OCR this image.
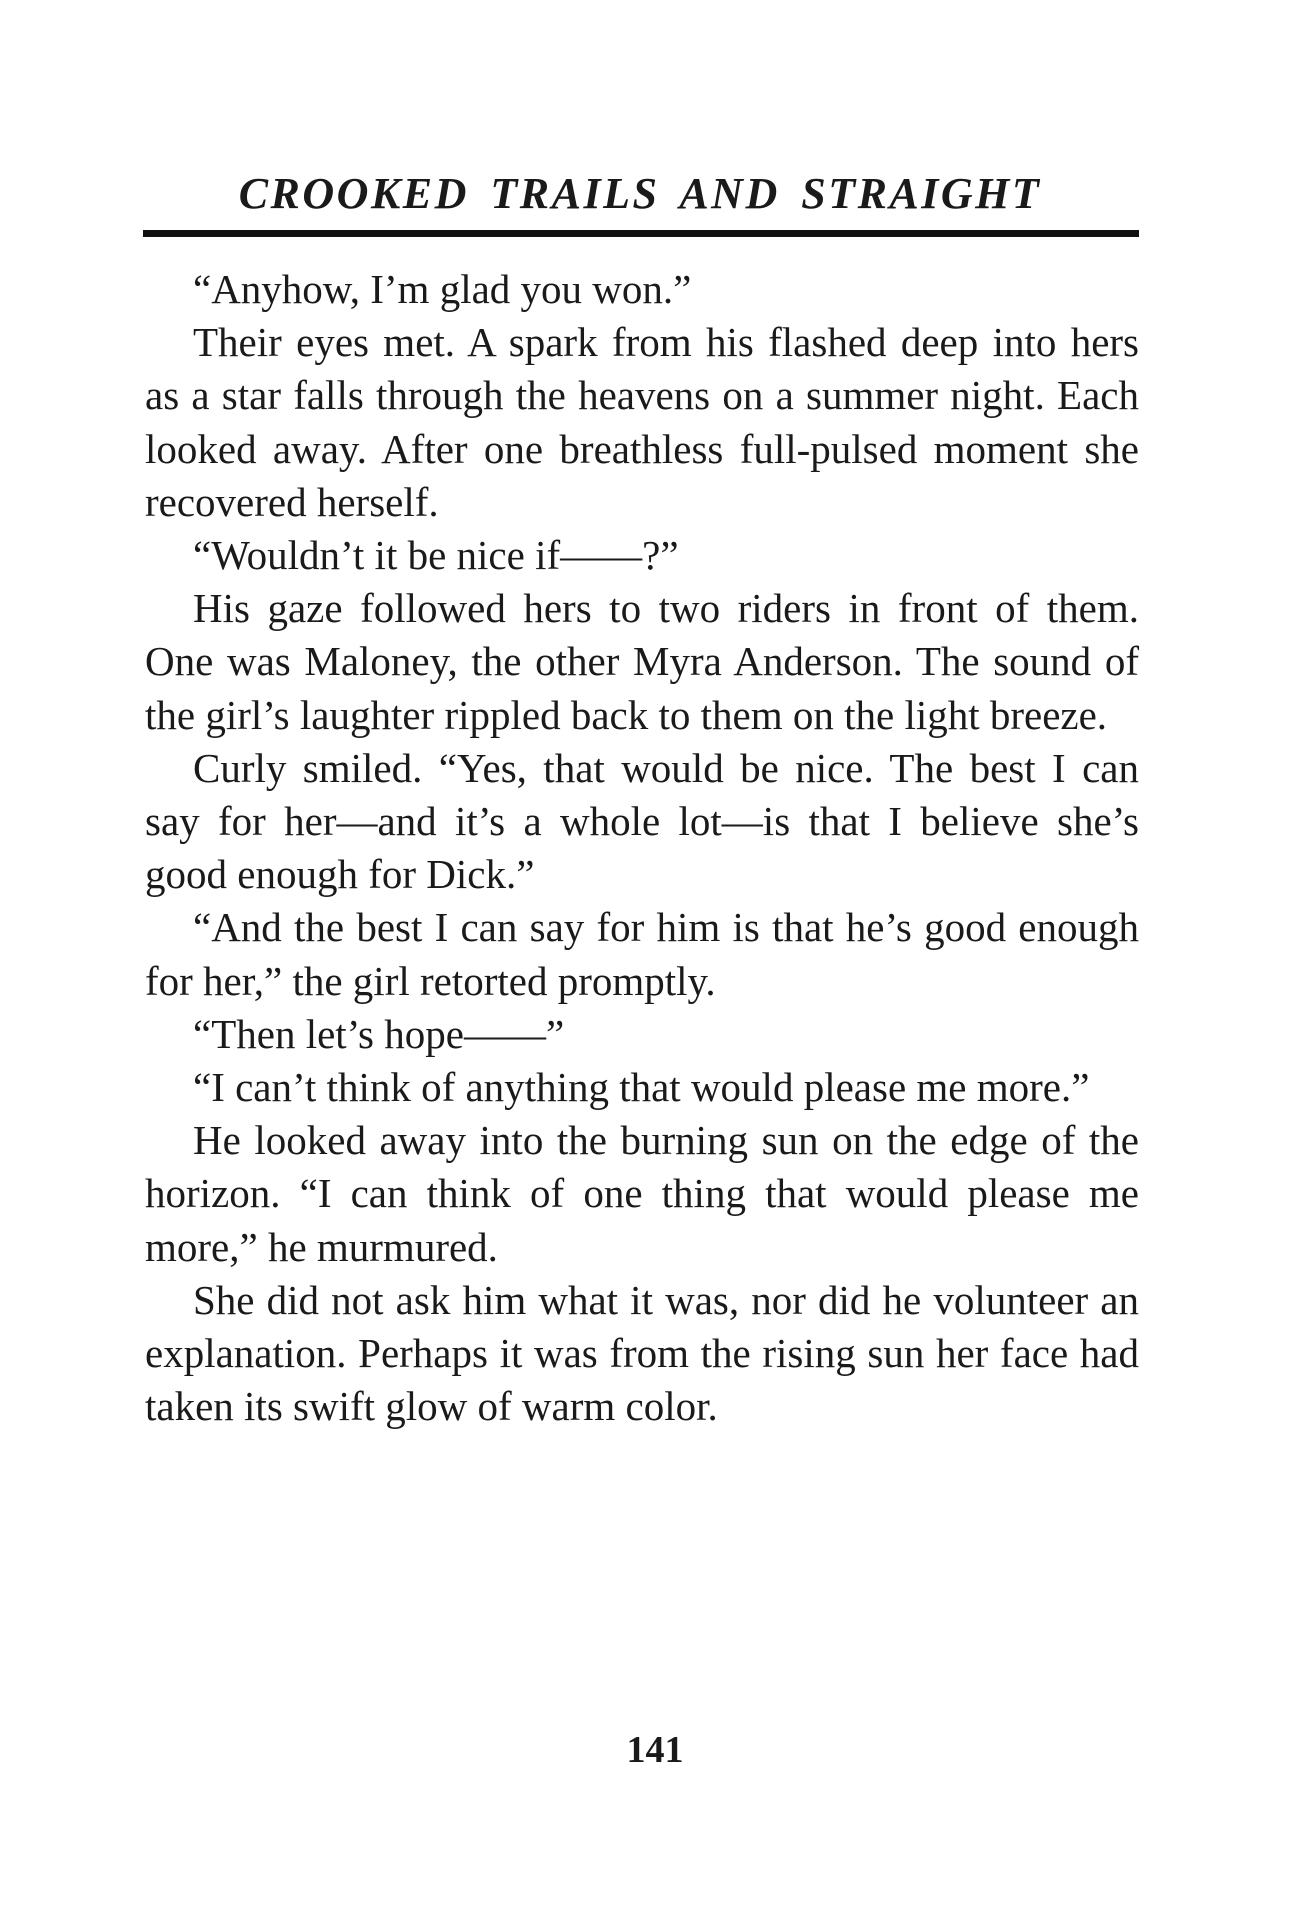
CROOKED TRAILS AND STRAIGHT

“Anyhow, I’m glad you won.”

Their eyes met. A spark from his flashed deep into hers as a star falls through the heavens on a summer night. Each looked away. After one breathless full-pulsed moment she recovered herself.

“Wouldn’t it be nice if——?”

His gaze followed hers to two riders in front of them. One was Maloney, the other Myra Anderson. The sound of the girl’s laughter rippled back to them on the light breeze.

Curly smiled. “Yes, that would be nice. The best I can say for her—and it’s a whole lot—is that I believe she’s good enough for Dick.”

“And the best I can say for him is that he’s good enough for her,” the girl retorted promptly.

“Then let’s hope——”

“I can’t think of anything that would please me more.”

He looked away into the burning sun on the edge of the horizon. “I can think of one thing that would please me more,” he murmured.

She did not ask him what it was, nor did he volunteer an explanation. Perhaps it was from the rising sun her face had taken its swift glow of warm color.

141
